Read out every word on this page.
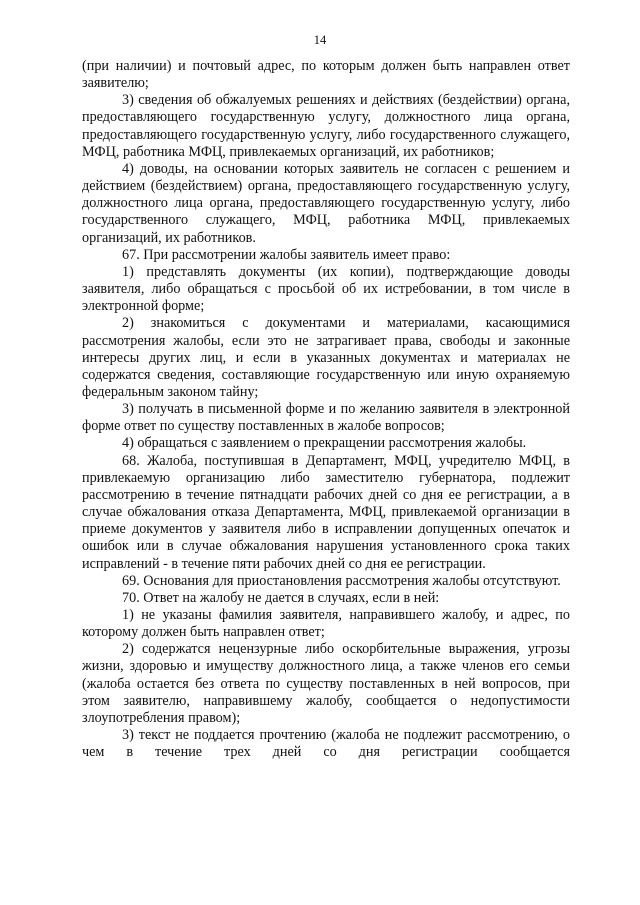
14

(при наличии) и почтовый адрес, по которым должен быть направлен ответ заявителю;

3) сведения об обжалуемых решениях и действиях (бездействии) органа, предоставляющего государственную услугу, должностного лица органа, предоставляющего государственную услугу, либо государственного служащего, МФЦ, работника МФЦ, привлекаемых организаций, их работников;

4) доводы, на основании которых заявитель не согласен с решением и действием (бездействием) органа, предоставляющего государственную услугу, должностного лица органа, предоставляющего государственную услугу, либо государственного служащего, МФЦ, работника МФЦ, привлекаемых организаций, их работников.

67. При рассмотрении жалобы заявитель имеет право:

1) представлять документы (их копии), подтверждающие доводы заявителя, либо обращаться с просьбой об их истребовании, в том числе в электронной форме;

2) знакомиться с документами и материалами, касающимися рассмотрения жалобы, если это не затрагивает права, свободы и законные интересы других лиц, и если в указанных документах и материалах не содержатся сведения, составляющие государственную или иную охраняемую федеральным законом тайну;

3) получать в письменной форме и по желанию заявителя в электронной форме ответ по существу поставленных в жалобе вопросов;

4) обращаться с заявлением о прекращении рассмотрения жалобы.

68. Жалоба, поступившая в Департамент, МФЦ, учредителю МФЦ, в привлекаемую организацию либо заместителю губернатора, подлежит рассмотрению в течение пятнадцати рабочих дней со дня ее регистрации, а в случае обжалования отказа Департамента, МФЦ, привлекаемой организации в приеме документов у заявителя либо в исправлении допущенных опечаток и ошибок или в случае обжалования нарушения установленного срока таких исправлений - в течение пяти рабочих дней со дня ее регистрации.

69. Основания для приостановления рассмотрения жалобы отсутствуют.

70. Ответ на жалобу не дается в случаях, если в ней:

1) не указаны фамилия заявителя, направившего жалобу, и адрес, по которому должен быть направлен ответ;

2) содержатся нецензурные либо оскорбительные выражения, угрозы жизни, здоровью и имуществу должностного лица, а также членов его семьи (жалоба остается без ответа по существу поставленных в ней вопросов, при этом заявителю, направившему жалобу, сообщается о недопустимости злоупотребления правом);

3) текст не поддается прочтению (жалоба не подлежит рассмотрению, о чем в течение трех дней со дня регистрации сообщается
